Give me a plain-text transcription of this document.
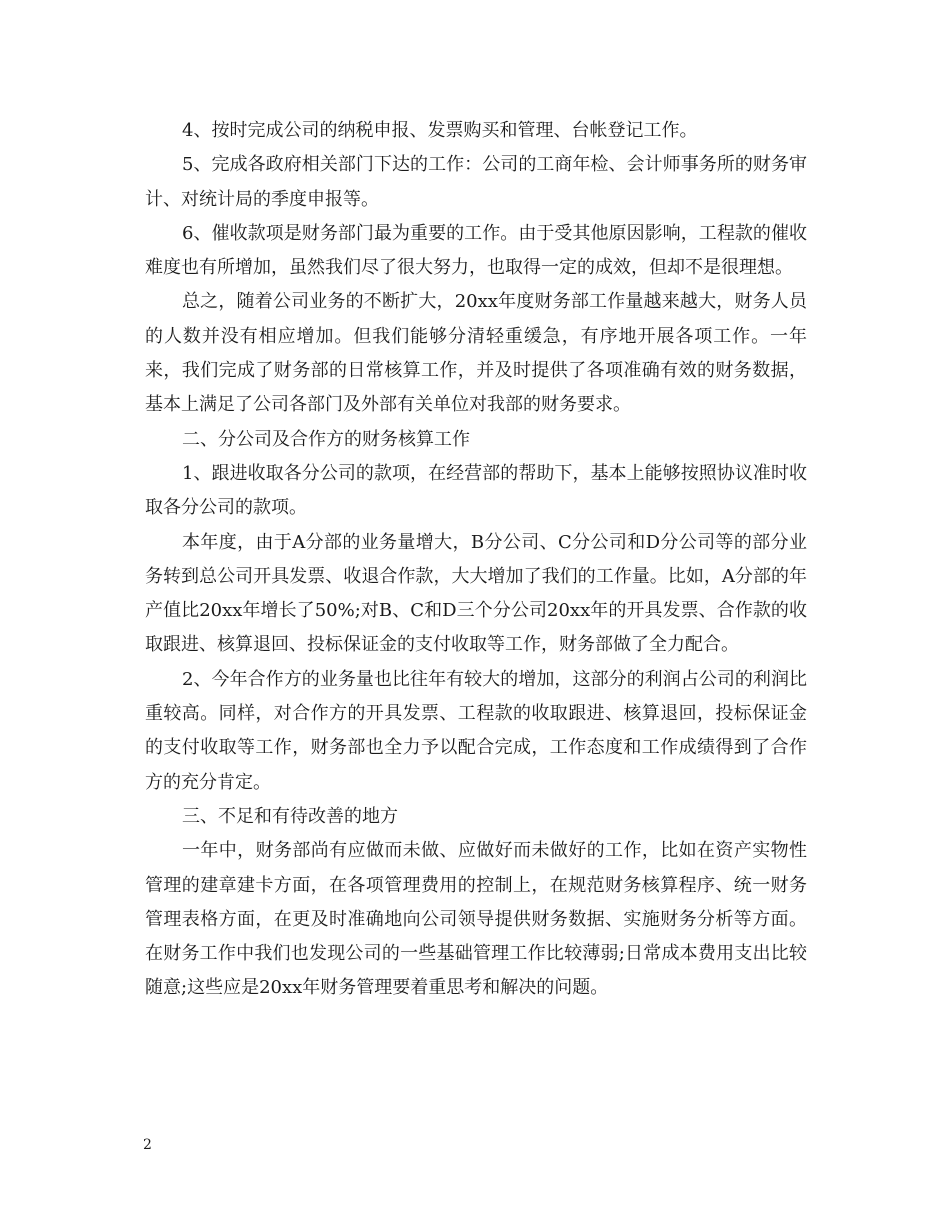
4、按时完成公司的纳税申报、发票购买和管理、台帐登记工作。

5、完成各政府相关部门下达的工作：公司的工商年检、会计师事务所的财务审计、对统计局的季度申报等。

6、催收款项是财务部门最为重要的工作。由于受其他原因影响，工程款的催收难度也有所增加，虽然我们尽了很大努力，也取得一定的成效，但却不是很理想。

总之，随着公司业务的不断扩大，20xx年度财务部工作量越来越大，财务人员的人数并没有相应增加。但我们能够分清轻重缓急，有序地开展各项工作。一年来，我们完成了财务部的日常核算工作，并及时提供了各项准确有效的财务数据，基本上满足了公司各部门及外部有关单位对我部的财务要求。

二、分公司及合作方的财务核算工作

1、跟进收取各分公司的款项，在经营部的帮助下，基本上能够按照协议准时收取各分公司的款项。

本年度，由于A分部的业务量增大，B分公司、C分公司和D分公司等的部分业务转到总公司开具发票、收退合作款，大大增加了我们的工作量。比如，A分部的年产值比20xx年增长了50%;对B、C和D三个分公司20xx年的开具发票、合作款的收取跟进、核算退回、投标保证金的支付收取等工作，财务部做了全力配合。

2、今年合作方的业务量也比往年有较大的增加，这部分的利润占公司的利润比重较高。同样，对合作方的开具发票、工程款的收取跟进、核算退回，投标保证金的支付收取等工作，财务部也全力予以配合完成，工作态度和工作成绩得到了合作方的充分肯定。

三、不足和有待改善的地方

一年中，财务部尚有应做而未做、应做好而未做好的工作，比如在资产实物性管理的建章建卡方面，在各项管理费用的控制上，在规范财务核算程序、统一财务管理表格方面，在更及时准确地向公司领导提供财务数据、实施财务分析等方面。在财务工作中我们也发现公司的一些基础管理工作比较薄弱;日常成本费用支出比较随意;这些应是20xx年财务管理要着重思考和解决的问题。

2
